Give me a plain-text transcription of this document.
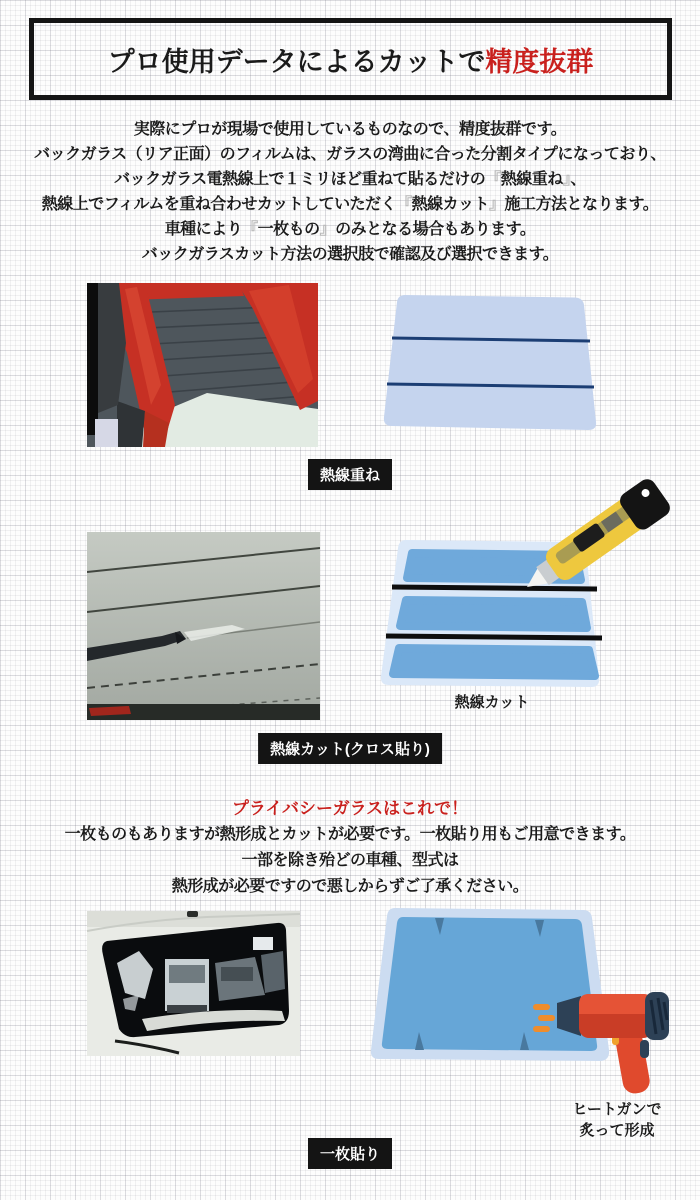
プロ使用データによるカットで精度抜群
実際にプロが現場で使用しているものなので、精度抜群です。
バックガラス（リア正面）のフィルムは、ガラスの湾曲に合った分割タイプになっており、
バックガラス電熱線上で１ミリほど重ねて貼るだけの『熱線重ね』、
熱線上でフィルムを重ね合わせカットしていただく『熱線カット』施工方法となります。
車種により『一枚もの』のみとなる場合もあります。
バックガラスカット方法の選択肢で確認及び選択できます。
熱線重ね
熱線カット
熱線カット(クロス貼り)
プライバシーガラスはこれで！
一枚ものもありますが熱形成とカットが必要です。一枚貼り用もご用意できます。
一部を除き殆どの車種、型式は
熱形成が必要ですので悪しからずご了承ください。
ヒートガンで
炙って形成
一枚貼り
